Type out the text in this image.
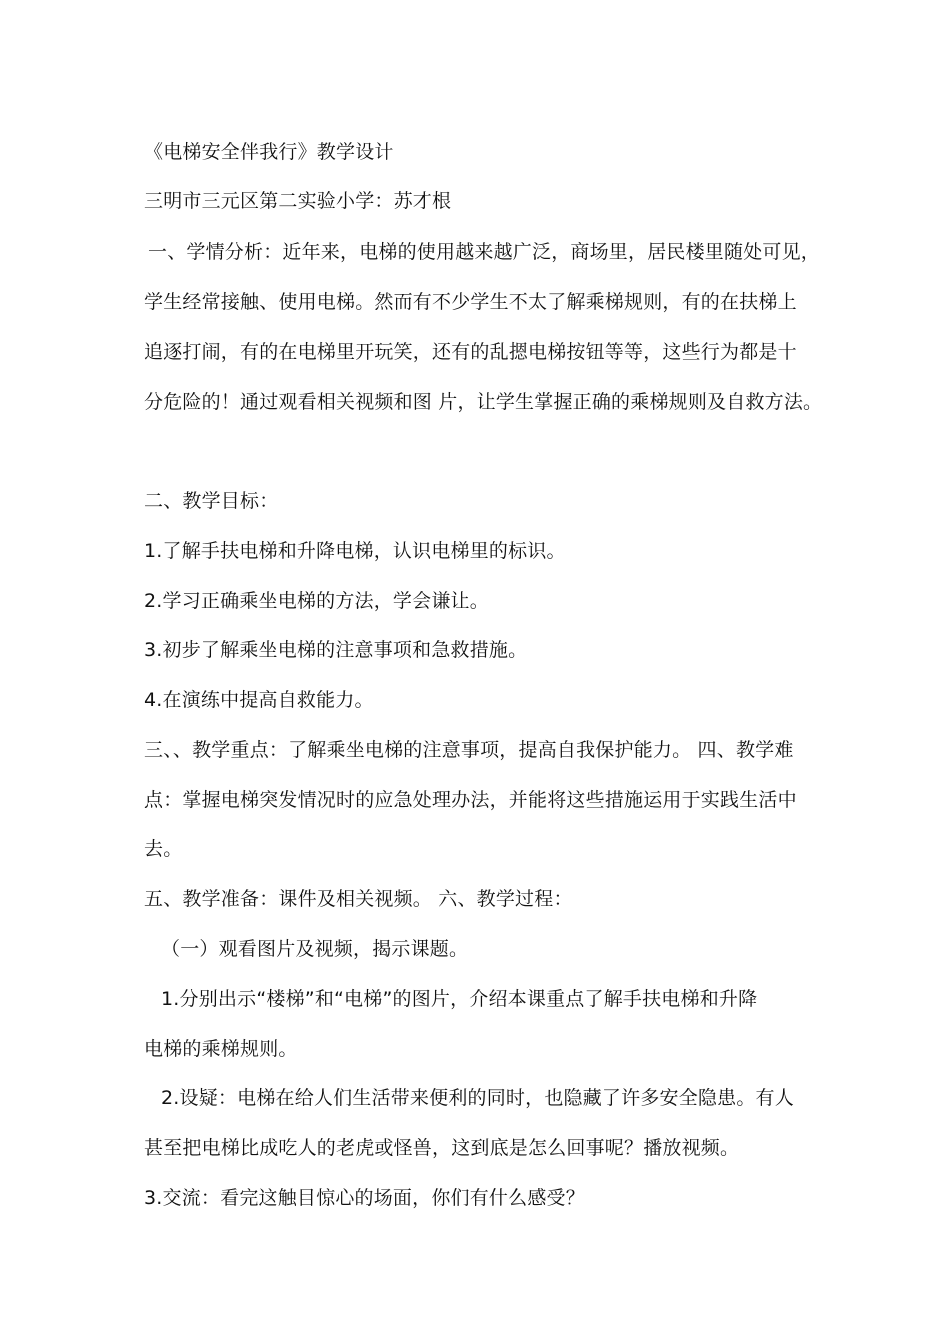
《电梯安全伴我行》教学设计
三明市三元区第二实验小学：苏才根
一、学情分析：近年来，电梯的使用越来越广泛，商场里，居民楼里随处可见，
学生经常接触、使用电梯。然而有不少学生不太了解乘梯规则，有的在扶梯上
追逐打闹，有的在电梯里开玩笑，还有的乱摁电梯按钮等等，这些行为都是十
分危险的！通过观看相关视频和图 片，让学生掌握正确的乘梯规则及自救方法。
二、教学目标：
1.了解手扶电梯和升降电梯，认识电梯里的标识。
2.学习正确乘坐电梯的方法，学会谦让。
3.初步了解乘坐电梯的注意事项和急救措施。
4.在演练中提高自救能力。
三、、教学重点：了解乘坐电梯的注意事项，提高自我保护能力。 四、教学难
点：掌握电梯突发情况时的应急处理办法，并能将这些措施运用于实践生活中
去。
五、教学准备：课件及相关视频。 六、教学过程：
（一）观看图片及视频，揭示课题。
1.分别出示“楼梯”和“电梯”的图片，介绍本课重点了解手扶电梯和升降
电梯的乘梯规则。
2.设疑：电梯在给人们生活带来便利的同时，也隐藏了许多安全隐患。有人
甚至把电梯比成吃人的老虎或怪兽，这到底是怎么回事呢？播放视频。
3.交流：看完这触目惊心的场面，你们有什么感受？
